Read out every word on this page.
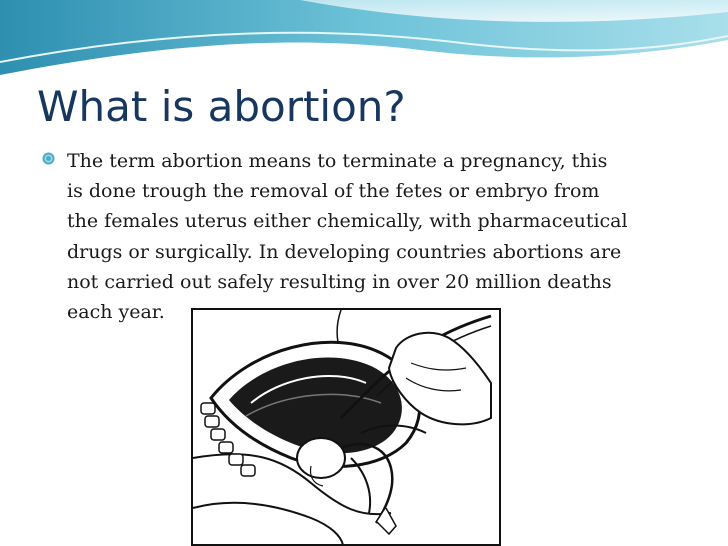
What is abortion?

The term abortion means to terminate a pregnancy, this
is done trough the removal of the fetes or embryo from
the females uterus either chemically, with pharmaceutical
drugs or surgically. In developing countries abortions are
not carried out safely resulting in over 20 million deaths
each year.
